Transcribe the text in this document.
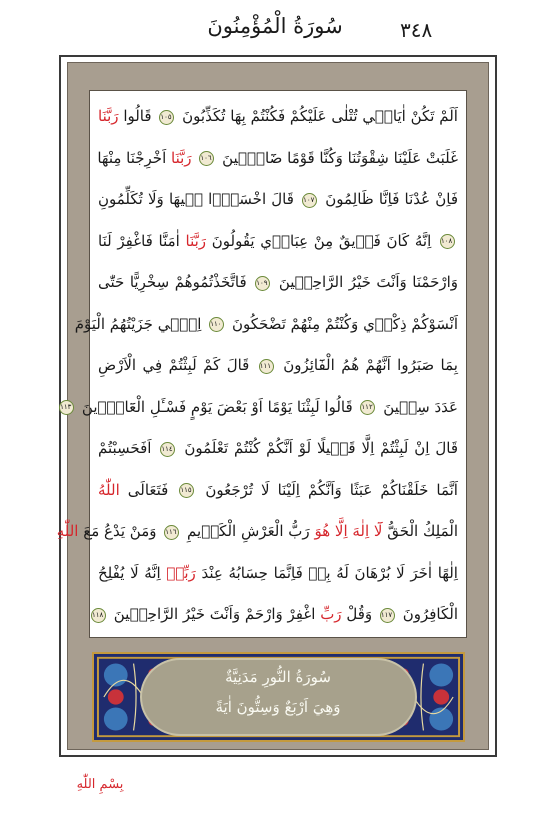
٣٤٨
سُورَةُ الْمُؤْمِنُونَ
اَلَمْ تَكُنْ اٰيَاتٖي تُتْلٰى عَلَيْكُمْ فَكُنْتُمْ بِهَا تُكَذِّبُونَ ١٠٥ قَالُوا رَبَّنَا
غَلَبَتْ عَلَيْنَا شِقْوَتُنَا وَكُنَّا قَوْمًا ضَٓالّٖينَ ١٠٦ رَبَّنَا اَخْرِجْنَا مِنْهَا
فَاِنْ عُدْنَا فَاِنَّا ظَالِمُونَ ١٠٧ قَالَ اخْسَؤُ۫ا فٖيهَا وَلَا تُكَلِّمُونِ
١٠٨ اِنَّهُ كَانَ فَرٖيقٌ مِنْ عِبَادٖي يَقُولُونَ رَبَّنَا اٰمَنَّا فَاغْفِرْ لَنَا
وَارْحَمْنَا وَاَنْتَ خَيْرُ الرَّاحِمٖينَ ١٠٩ فَاتَّخَذْتُمُوهُمْ سِخْرِيًّا حَتّٰى
اَنْسَوْكُمْ ذِكْرٖي وَكُنْتُمْ مِنْهُمْ تَضْحَكُونَ ١١٠ اِنّٖي جَزَيْتُهُمُ الْيَوْمَ
بِمَا صَبَرُوا اَنَّهُمْ هُمُ الْفَٓائِزُونَ ١١١ قَالَ كَمْ لَبِثْتُمْ فِي الْاَرْضِ
عَدَدَ سِنٖينَ ١١٢ قَالُوا لَبِثْنَا يَوْمًا اَوْ بَعْضَ يَوْمٍ فَسْـَٔلِ الْعَٓادّٖينَ ١١٣
قَالَ اِنْ لَبِثْتُمْ اِلَّا قَلٖيلًا لَوْ اَنَّكُمْ كُنْتُمْ تَعْلَمُونَ ١١٤ اَفَحَسِبْتُمْ
اَنَّمَا خَلَقْنَاكُمْ عَبَثًا وَاَنَّكُمْ اِلَيْنَا لَا تُرْجَعُونَ ١١٥ فَتَعَالَى اللّٰهُ
الْمَلِكُ الْحَقُّ لَٓا اِلٰهَ اِلَّا هُوَ رَبُّ الْعَرْشِ الْكَرٖيمِ ١١٦ وَمَنْ يَدْعُ مَعَ اللّٰهِ
اِلٰهًا اٰخَرَ لَا بُرْهَانَ لَهُ بِهٖ فَاِنَّمَا حِسَابُهُ عِنْدَ رَبِّهٖ اِنَّهُ لَا يُفْلِحُ
الْكَافِرُونَ ١١٧ وَقُلْ رَبِّ اغْفِرْ وَارْحَمْ وَاَنْتَ خَيْرُ الرَّاحِمٖينَ ١١٨
سُورَةُ النُّورِ مَدَنِيَّةٌ
وَهِيَ اَرْبَعٌ وَسِتُّونَ اٰيَةً
بِسْمِ اللّٰهِ
